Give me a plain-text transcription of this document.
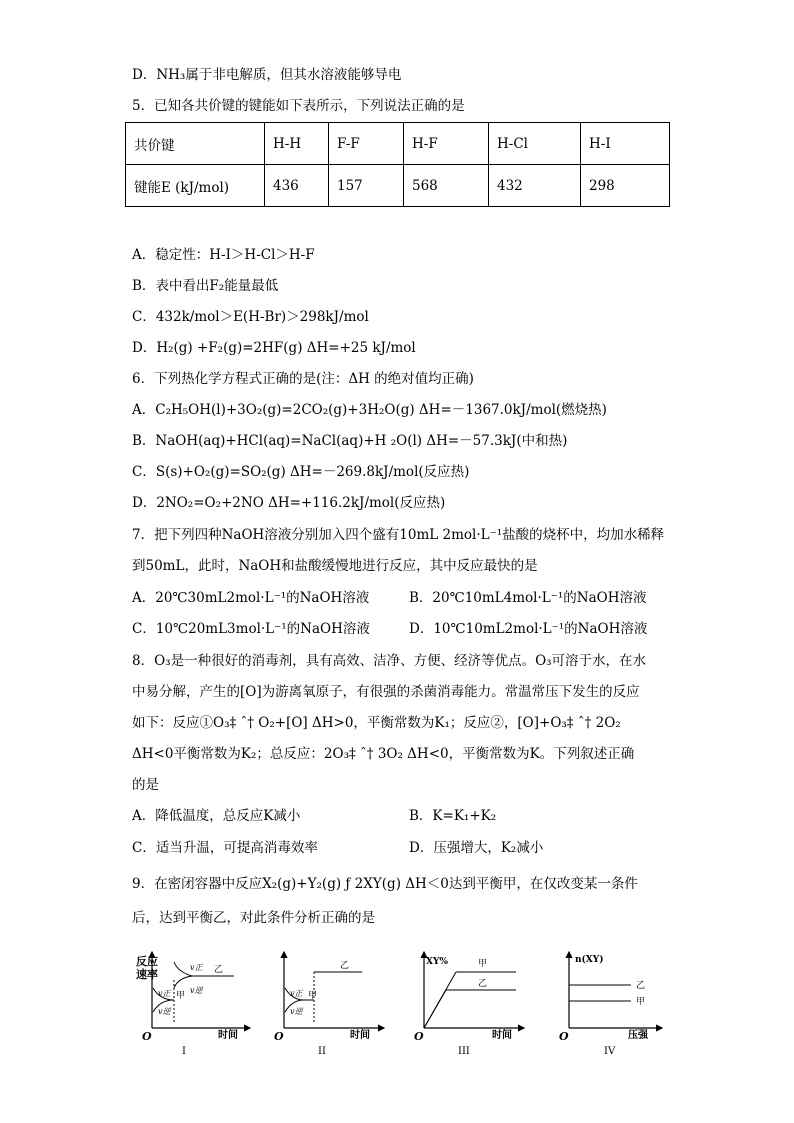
D．NH₃属于非电解质，但其水溶液能够导电
5．已知各共价键的键能如下表所示，下列说法正确的是
共价键	H-H	F-F	H-F	H-Cl	H-I
键能E (kJ/mol)	436	157	568	432	298
A．稳定性：H-I＞H-Cl＞H-F
B．表中看出F₂能量最低
C．432k/mol＞E(H-Br)＞298kJ/mol
D．H₂(g) +F₂(g)=2HF(g) ΔH=+25 kJ/mol
6．下列热化学方程式正确的是(注：ΔH 的绝对值均正确)
A．C₂H₅OH(l)+3O₂(g)=2CO₂(g)+3H₂O(g) ΔH=－1367.0kJ/mol(燃烧热)
B．NaOH(aq)+HCl(aq)=NaCl(aq)+H ₂O(l) ΔH=－57.3kJ(中和热)
C．S(s)+O₂(g)=SO₂(g) ΔH=－269.8kJ/mol(反应热)
D．2NO₂=O₂+2NO ΔH=+116.2kJ/mol(反应热)
7．把下列四种NaOH溶液分别加入四个盛有10mL 2mol·L⁻¹盐酸的烧杯中，均加水稀释
到50mL，此时，NaOH和盐酸缓慢地进行反应，其中反应最快的是
A．20℃30mL2mol·L⁻¹的NaOH溶液	B．20℃10mL4mol·L⁻¹的NaOH溶液
C．10℃20mL3mol·L⁻¹的NaOH溶液	D．10℃10mL2mol·L⁻¹的NaOH溶液
8．O₃是一种很好的消毒剂，具有高效、洁净、方便、经济等优点。O₃可溶于水，在水
中易分解，产生的[O]为游离氧原子，有很强的杀菌消毒能力。常温常压下发生的反应
如下：反应①O₃‡ ˆ† O₂+[O] ΔH>0，平衡常数为K₁；反应②，[O]+O₃‡ ˆ† 2O₂
ΔH<0平衡常数为K₂；总反应：2O₃‡ ˆ† 3O₂ ΔH<0，平衡常数为K。下列叙述正确
的是
A．降低温度，总反应K减小	B．K=K₁+K₂
C．适当升温，可提高消毒效率	D．压强增大，K₂减小
9．在密闭容器中反应X₂(g)+Y₂(g) ƒ 2XY(g) ΔH＜0达到平衡甲，在仅改变某一条件
后，达到平衡乙，对此条件分析正确的是
反应
速率
O	时间
v正 甲
v逆
v正 乙
v逆
I
O	时间
乙
v正 甲
v逆
II
XY%
O	时间
甲
乙
III
n(XY)
O	压强
乙
甲
IV
